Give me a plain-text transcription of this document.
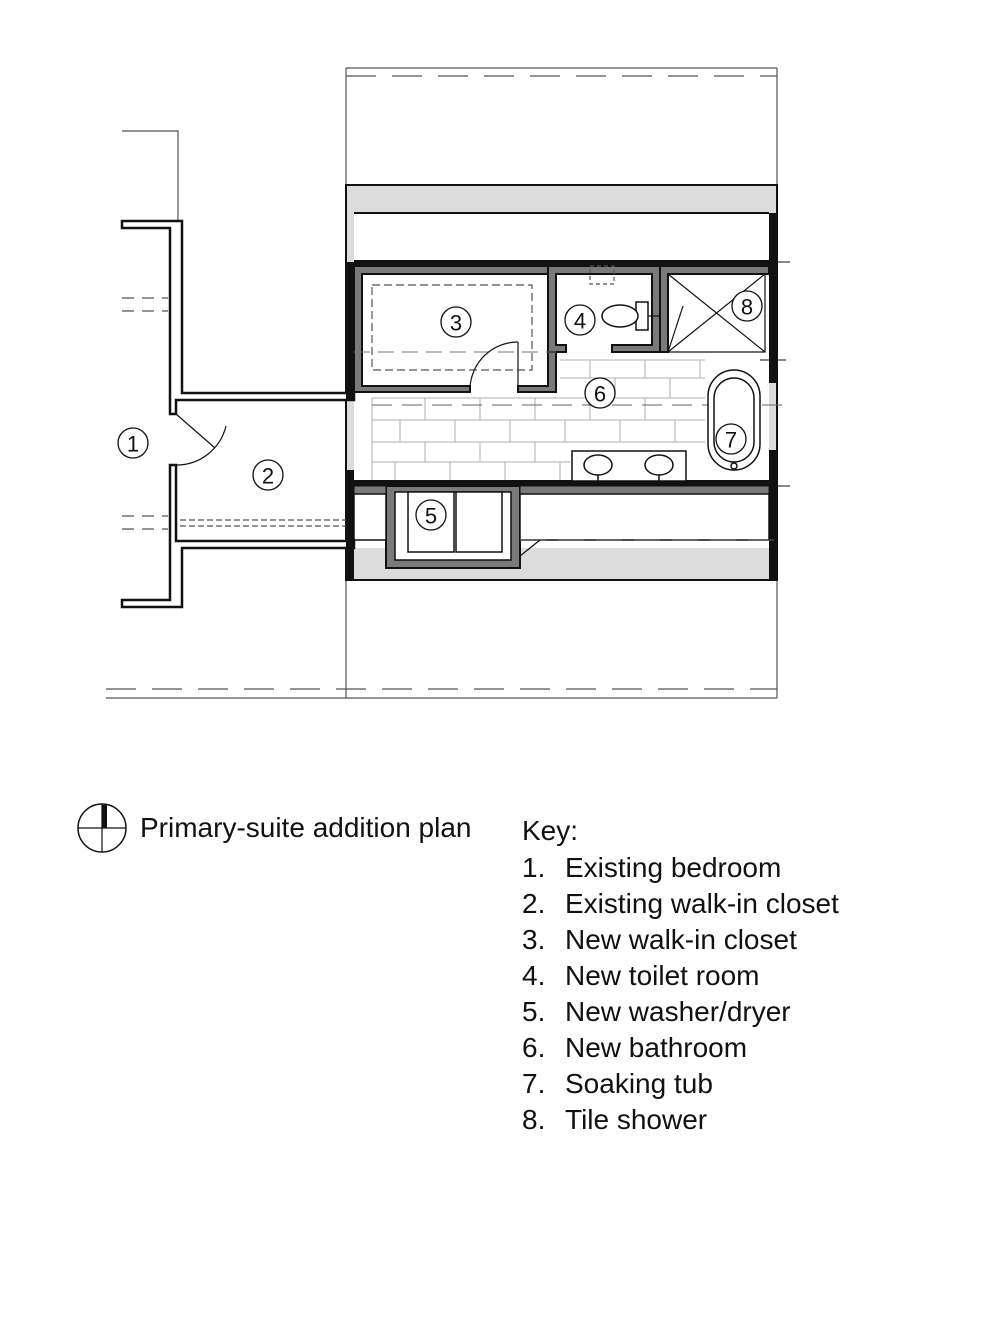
1
2
3	4
5
6
7
8
Primary-suite addition plan Key:
1. Existing bedroom
2. Existing walk-in closet
3. New walk-in closet
4. New toilet room
5. New washer/dryer
6. New bathroom
7. Soaking tub
8. Tile shower
